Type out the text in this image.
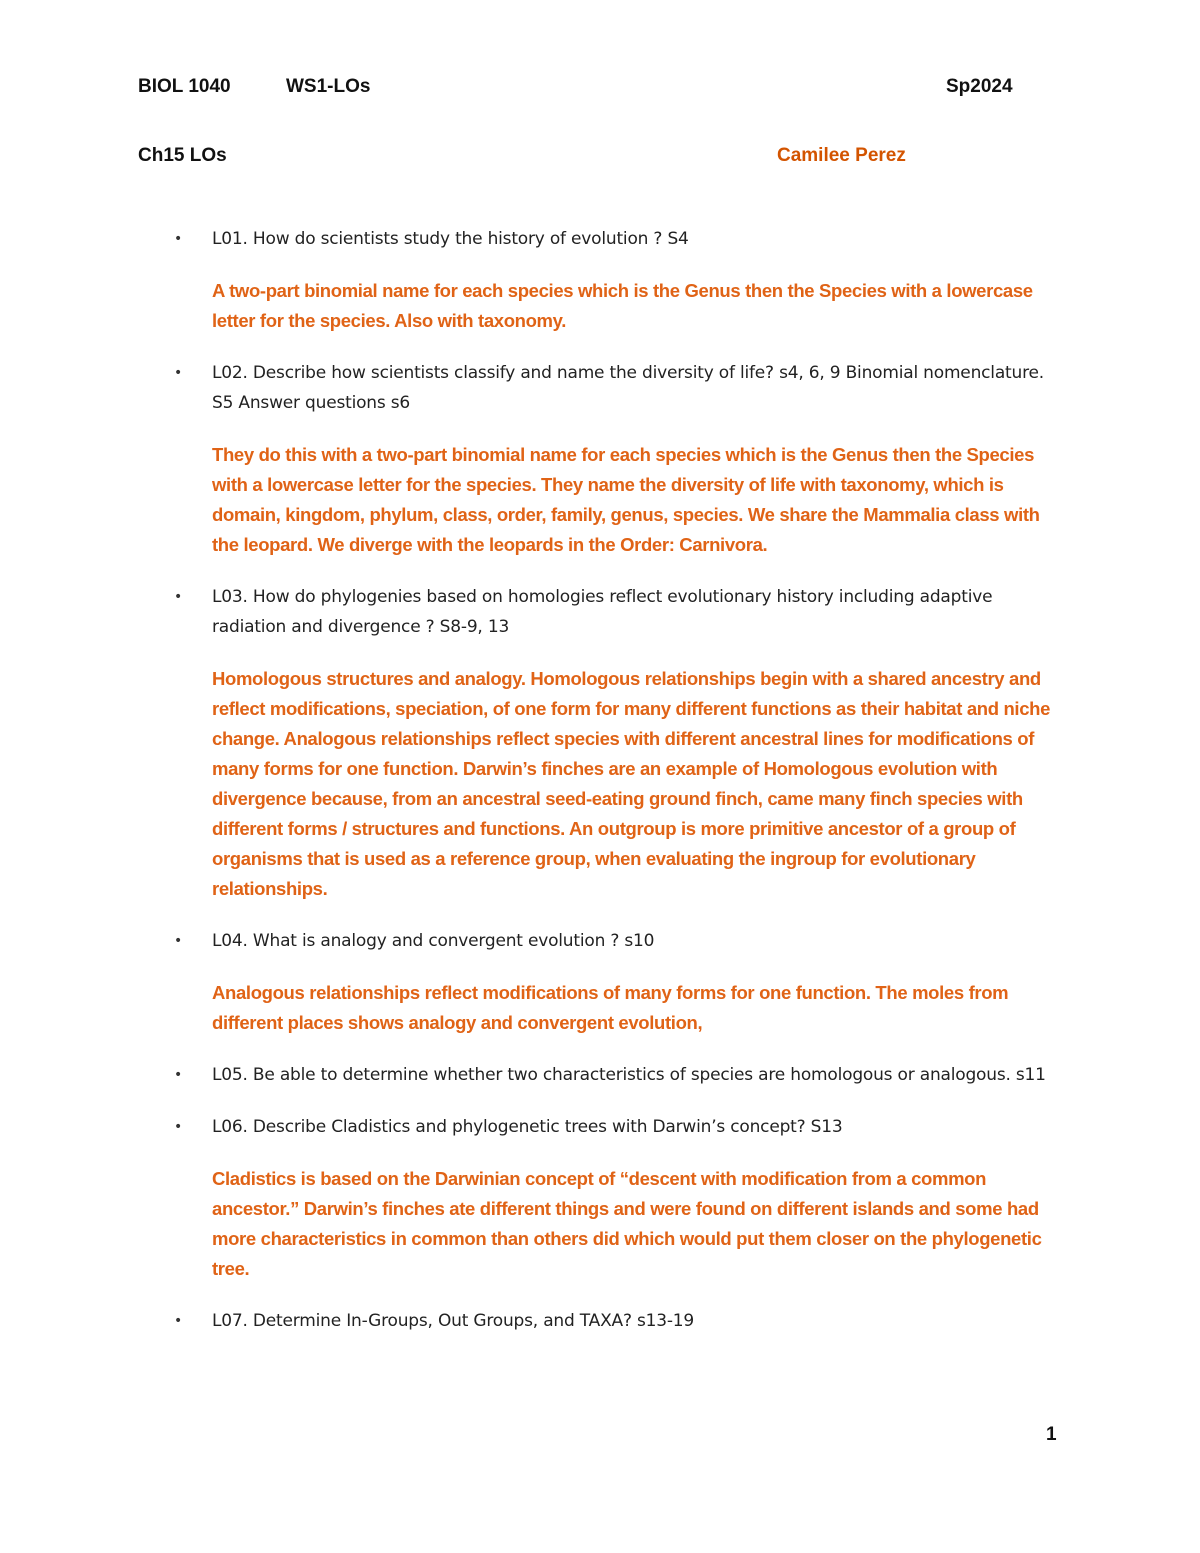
BIOL 1040	WS1-LOs	Sp2024
Ch15 LOs	Camilee Perez
• L01. How do scientists study the history of evolution ? S4
A two-part binomial name for each species which is the Genus then the Species with a lowercase letter for the species. Also with taxonomy.
• L02. Describe how scientists classify and name the diversity of life? s4, 6, 9 Binomial nomenclature. S5 Answer questions s6
They do this with a two-part binomial name for each species which is the Genus then the Species with a lowercase letter for the species. They name the diversity of life with taxonomy, which is domain, kingdom, phylum, class, order, family, genus, species. We share the Mammalia class with the leopard. We diverge with the leopards in the Order: Carnivora.
• L03. How do phylogenies based on homologies reflect evolutionary history including adaptive radiation and divergence ? S8-9, 13
Homologous structures and analogy. Homologous relationships begin with a shared ancestry and reflect modifications, speciation, of one form for many different functions as their habitat and niche change. Analogous relationships reflect species with different ancestral lines for modifications of many forms for one function. Darwin’s finches are an example of Homologous evolution with divergence because, from an ancestral seed-eating ground finch, came many finch species with different forms / structures and functions. An outgroup is more primitive ancestor of a group of organisms that is used as a reference group, when evaluating the ingroup for evolutionary relationships.
• L04. What is analogy and convergent evolution ? s10
Analogous relationships reflect modifications of many forms for one function. The moles from different places shows analogy and convergent evolution,
• L05. Be able to determine whether two characteristics of species are homologous or analogous. s11
• L06. Describe Cladistics and phylogenetic trees with Darwin’s concept? S13
Cladistics is based on the Darwinian concept of “descent with modification from a common ancestor.” Darwin’s finches ate different things and were found on different islands and some had more characteristics in common than others did which would put them closer on the phylogenetic tree.
• L07. Determine In-Groups, Out Groups, and TAXA? s13-19
1
